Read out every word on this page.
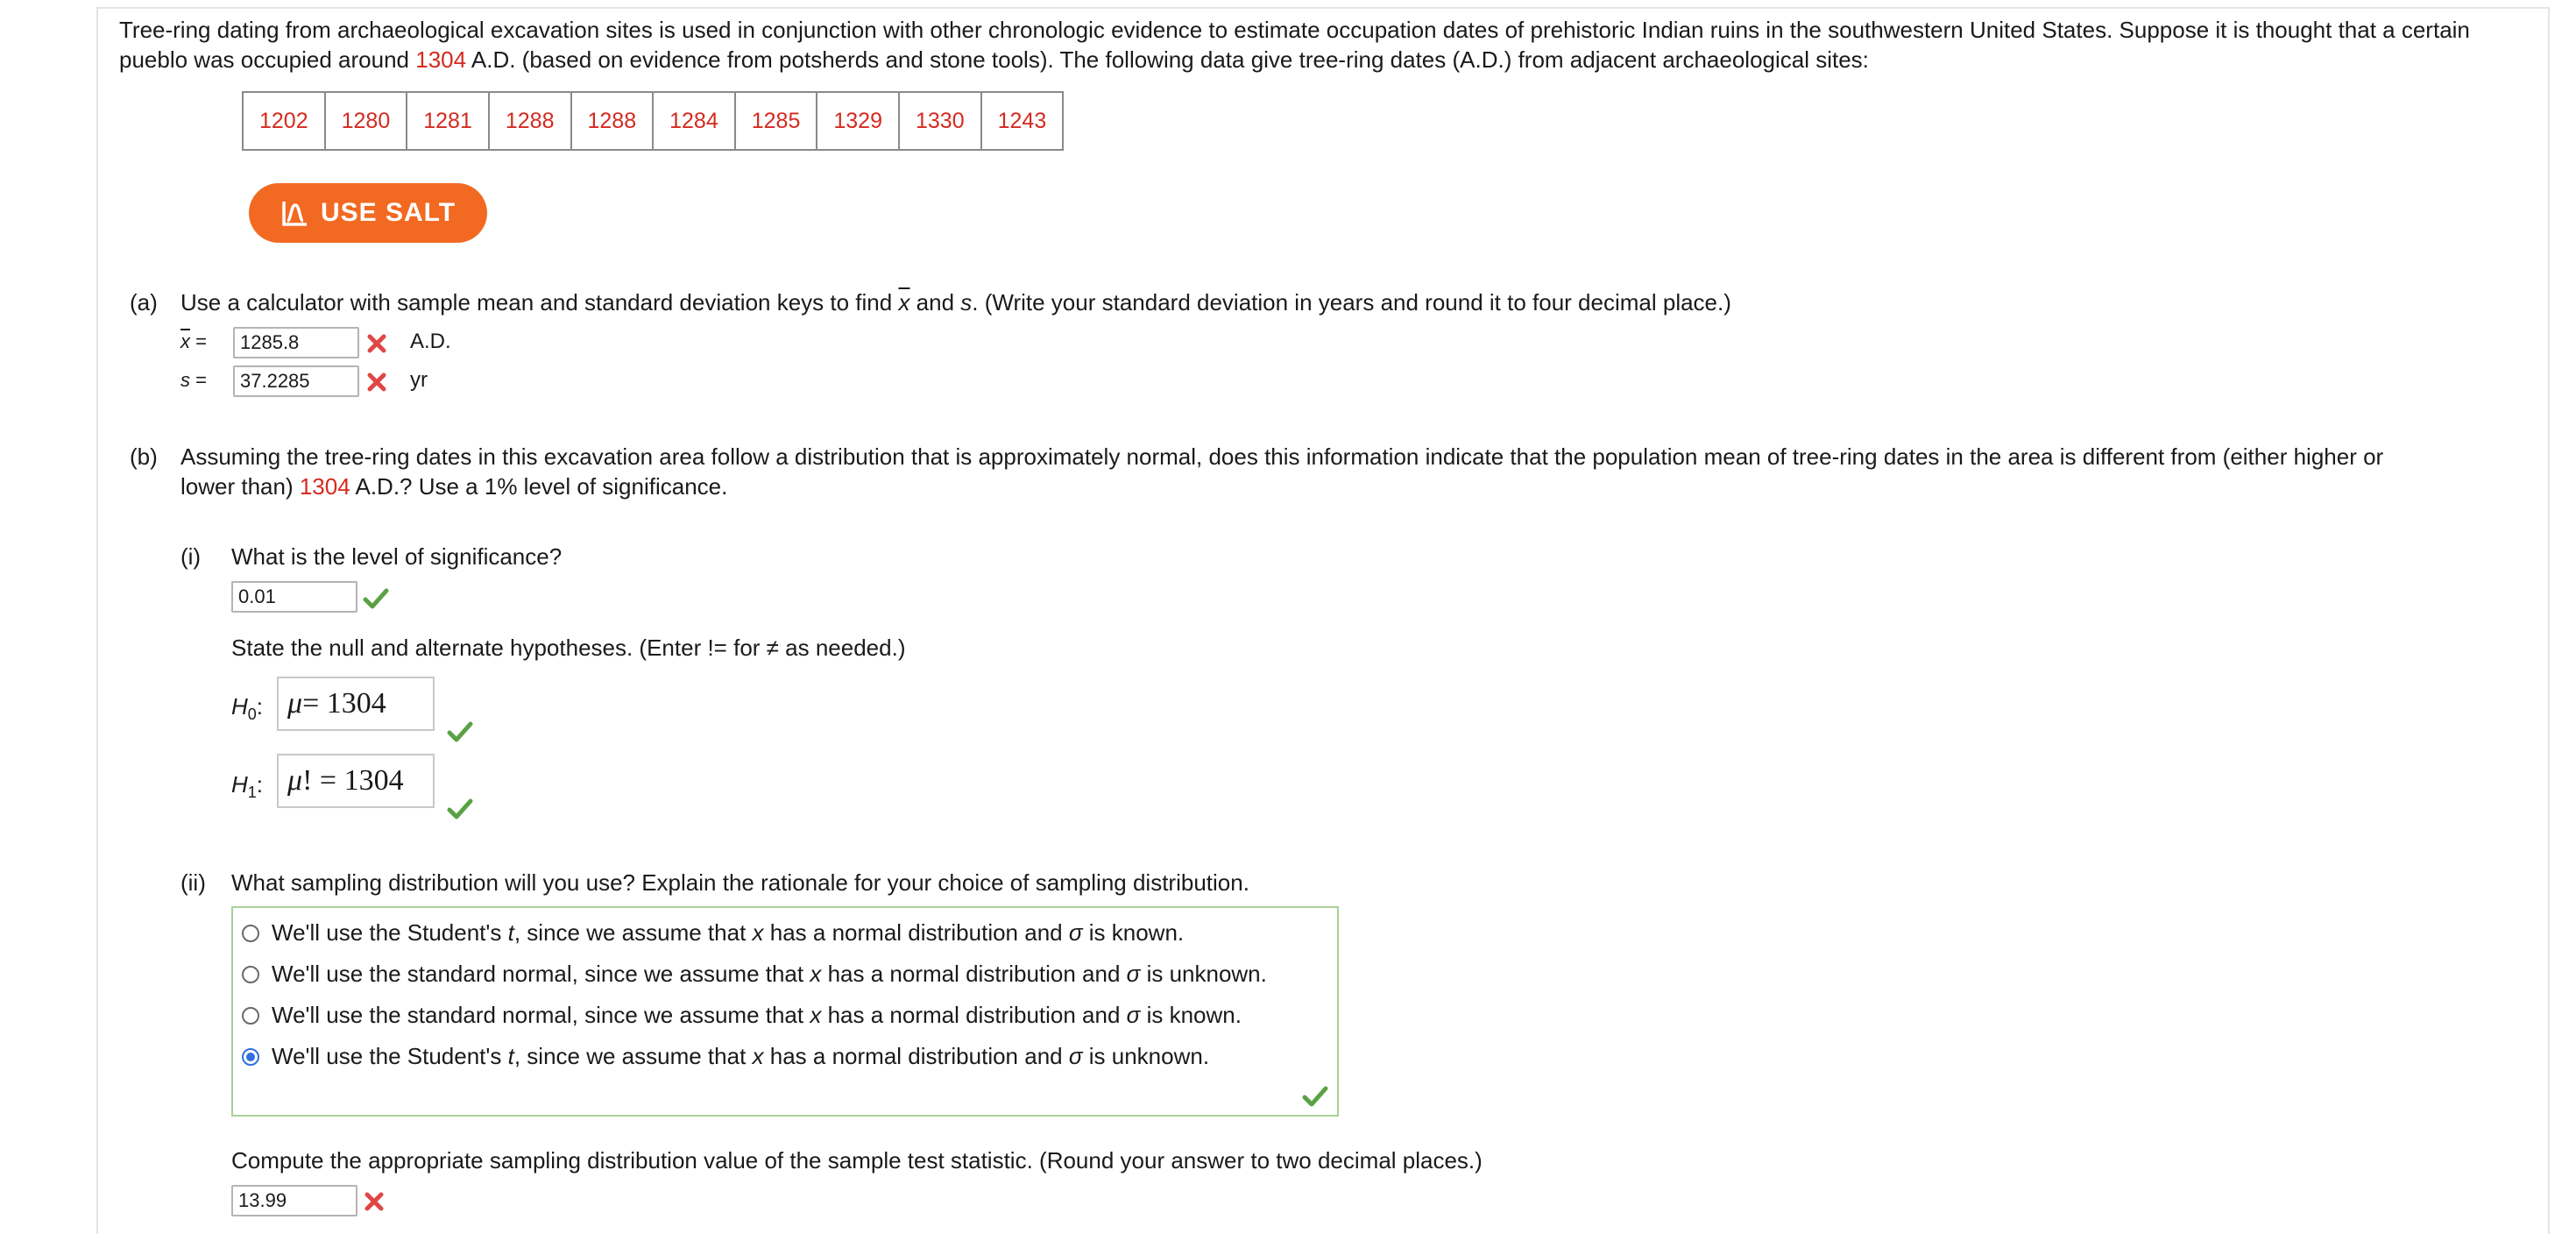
Tree-ring dating from archaeological excavation sites is used in conjunction with other chronologic evidence to estimate occupation dates of prehistoric Indian ruins in the southwestern United States. Suppose it is thought that a certain pueblo was occupied around 1304 A.D. (based on evidence from potsherds and stone tools). The following data give tree-ring dates (A.D.) from adjacent archaeological sites:
1202	1280	1281	1288	1288	1284	1285	1329	1330	1243
USE SALT
(a) Use a calculator with sample mean and standard deviation keys to find $\overline{x}$ and s. (Write your standard deviation in years and round it to four decimal place.)
$\overline{x}$ =
1285.8	A.D.
s =
37.2285	yr
(b) Assuming the tree-ring dates in this excavation area follow a distribution that is approximately normal, does this information indicate that the population mean of tree-ring dates in the area is different from (either higher or
lower than) 1304 A.D.? Use a 1% level of significance.
(i) What is the level of significance?
0.01
State the null and alternate hypotheses. (Enter != for ≠ as needed.)
$H_0$: μ = 1304
$H_1$: μ ! = 1304
(ii) What sampling distribution will you use? Explain the rationale for your choice of sampling distribution.
We'll use the Student's t, since we assume that x has a normal distribution and σ is known.
We'll use the standard normal, since we assume that x has a normal distribution and σ is unknown.
We'll use the standard normal, since we assume that x has a normal distribution and σ is known.
We'll use the Student's t, since we assume that x has a normal distribution and σ is unknown.
Compute the appropriate sampling distribution value of the sample test statistic. (Round your answer to two decimal places.)
13.99
